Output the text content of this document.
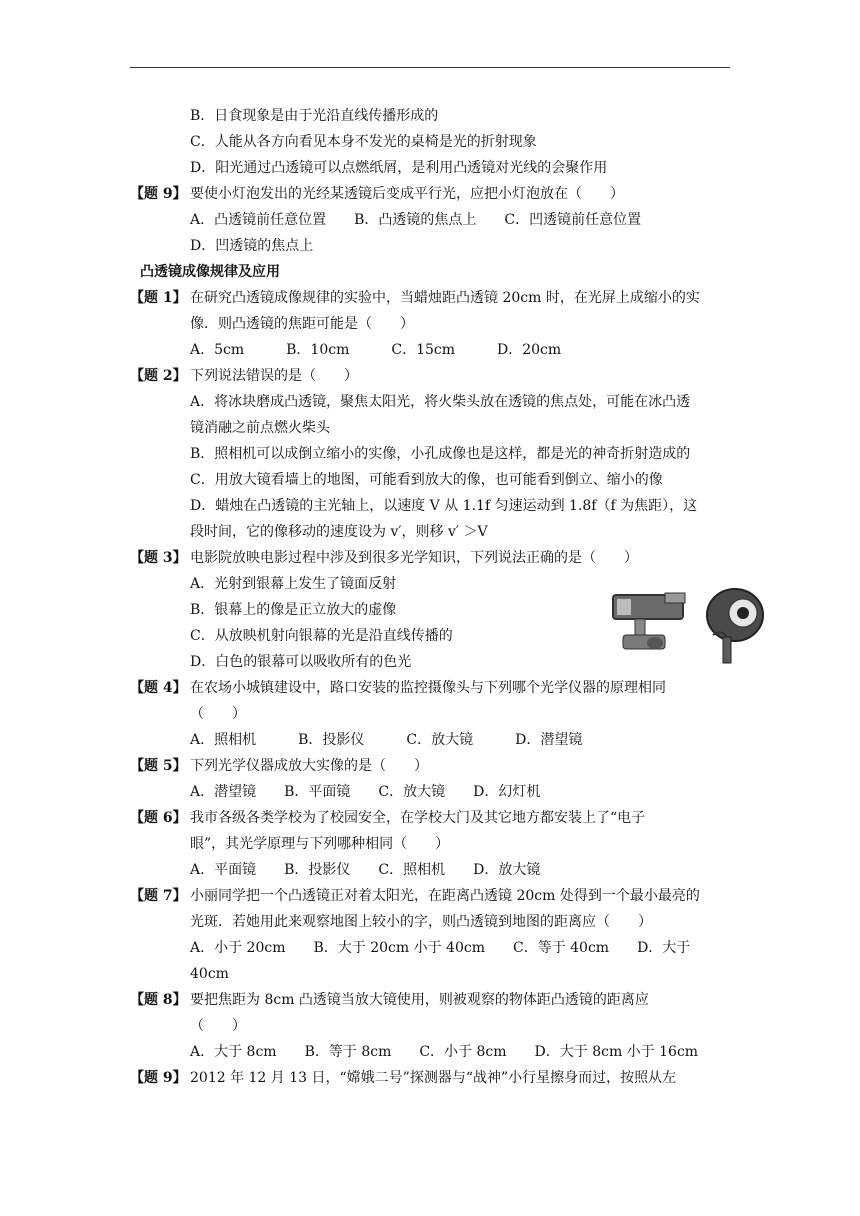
B．日食现象是由于光沿直线传播形成的
C．人能从各方向看见本身不发光的桌椅是光的折射现象
D．阳光通过凸透镜可以点燃纸屑，是利用凸透镜对光线的会聚作用
【题 9】 要使小灯泡发出的光经某透镜后变成平行光，应把小灯泡放在（　　）
A．凸透镜前任意位置　　B．凸透镜的焦点上　　C．凹透镜前任意位置
D．凹透镜的焦点上
凸透镜成像规律及应用
【题 1】 在研究凸透镜成像规律的实验中，当蜡烛距凸透镜 20cm 时，在光屏上成缩小的实
像．则凸透镜的焦距可能是（　　）
A．5cm　　　B．10cm　　　C．15cm　　　D．20cm
【题 2】 下列说法错误的是（　　）
A．将冰块磨成凸透镜，聚焦太阳光，将火柴头放在透镜的焦点处，可能在冰凸透
镜消融之前点燃火柴头
B．照相机可以成倒立缩小的实像，小孔成像也是这样，都是光的神奇折射造成的
C．用放大镜看墙上的地图，可能看到放大的像，也可能看到倒立、缩小的像
D．蜡烛在凸透镜的主光轴上，以速度 V 从 1.1f 匀速运动到 1.8f（f 为焦距），这
段时间，它的像移动的速度设为 v′，则移 v′ ＞V
【题 3】 电影院放映电影过程中涉及到很多光学知识，下列说法正确的是（　　）
A．光射到银幕上发生了镜面反射
B．银幕上的像是正立放大的虚像
C．从放映机射向银幕的光是沿直线传播的
D．白色的银幕可以吸收所有的色光
【题 4】 在农场小城镇建设中，路口安装的监控摄像头与下列哪个光学仪器的原理相同
（　　）
A．照相机　　　B．投影仪　　　C．放大镜　　　D．潜望镜
【题 5】 下列光学仪器成放大实像的是（　　）
A．潜望镜　　B．平面镜　　C．放大镜　　D．幻灯机
【题 6】 我市各级各类学校为了校园安全，在学校大门及其它地方都安装上了“电子
眼”，其光学原理与下列哪种相同（　　）
A．平面镜　　B．投影仪　　C．照相机　　D．放大镜
【题 7】 小丽同学把一个凸透镜正对着太阳光，在距离凸透镜 20cm 处得到一个最小最亮的
光斑．若她用此来观察地图上较小的字，则凸透镜到地图的距离应（　　）
A．小于 20cm　　B．大于 20cm 小于 40cm　　C．等于 40cm　　D．大于
40cm
【题 8】 要把焦距为 8cm 凸透镜当放大镜使用，则被观察的物体距凸透镜的距离应
（　　）
A．大于 8cm　　B．等于 8cm　　C．小于 8cm　　D．大于 8cm 小于 16cm
【题 9】 2012 年 12 月 13 日，“嫦娥二号”探测器与“战神”小行星擦身而过，按照从左
